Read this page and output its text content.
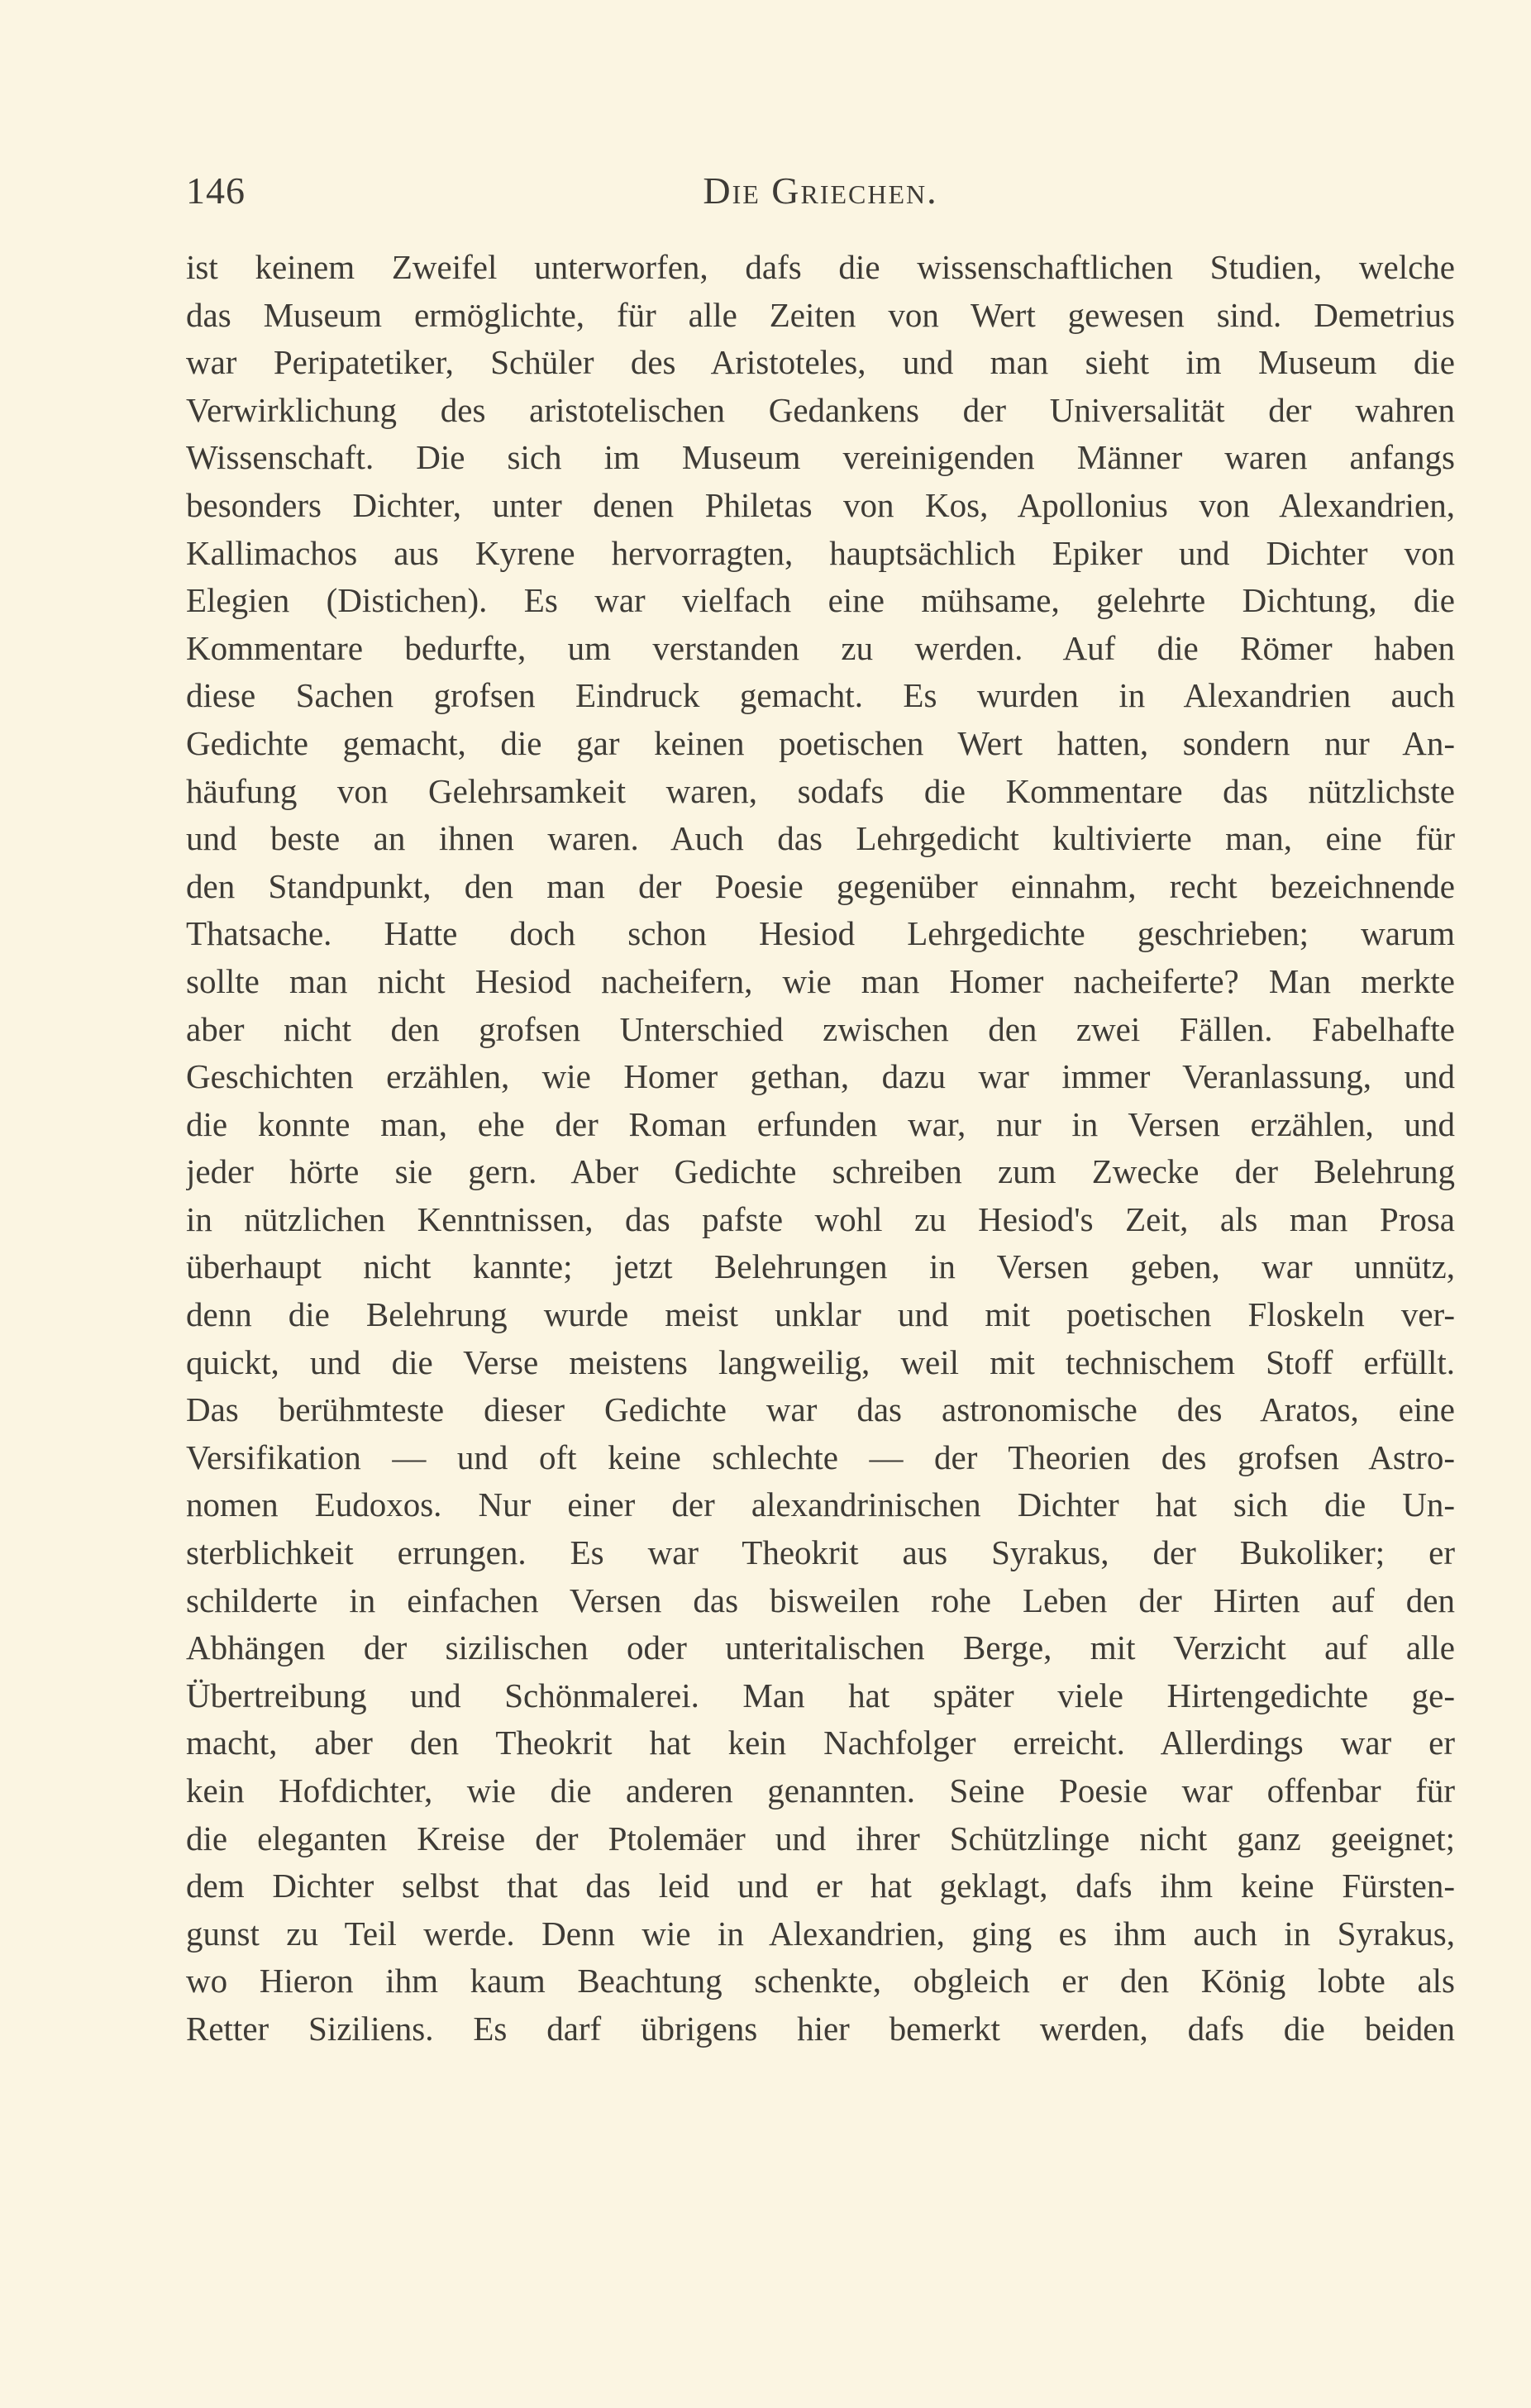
146	Die Griechen.
ist keinem Zweifel unterworfen, dafs die wissenschaftlichen Studien, welche
das Museum ermöglichte, für alle Zeiten von Wert gewesen sind. Demetrius
war Peripatetiker, Schüler des Aristoteles, und man sieht im Museum die
Verwirklichung des aristotelischen Gedankens der Universalität der wahren
Wissenschaft. Die sich im Museum vereinigenden Männer waren anfangs
besonders Dichter, unter denen Philetas von Kos, Apollonius von Alexandrien,
Kallimachos aus Kyrene hervorragten, hauptsächlich Epiker und Dichter von
Elegien (Distichen). Es war vielfach eine mühsame, gelehrte Dichtung, die
Kommentare bedurfte, um verstanden zu werden. Auf die Römer haben
diese Sachen grofsen Eindruck gemacht. Es wurden in Alexandrien auch
Gedichte gemacht, die gar keinen poetischen Wert hatten, sondern nur An-
häufung von Gelehrsamkeit waren, sodafs die Kommentare das nützlichste
und beste an ihnen waren. Auch das Lehrgedicht kultivierte man, eine für
den Standpunkt, den man der Poesie gegenüber einnahm, recht bezeichnende
Thatsache. Hatte doch schon Hesiod Lehrgedichte geschrieben; warum
sollte man nicht Hesiod nacheifern, wie man Homer nacheiferte? Man merkte
aber nicht den grofsen Unterschied zwischen den zwei Fällen. Fabelhafte
Geschichten erzählen, wie Homer gethan, dazu war immer Veranlassung, und
die konnte man, ehe der Roman erfunden war, nur in Versen erzählen, und
jeder hörte sie gern. Aber Gedichte schreiben zum Zwecke der Belehrung
in nützlichen Kenntnissen, das pafste wohl zu Hesiod's Zeit, als man Prosa
überhaupt nicht kannte; jetzt Belehrungen in Versen geben, war unnütz,
denn die Belehrung wurde meist unklar und mit poetischen Floskeln ver-
quickt, und die Verse meistens langweilig, weil mit technischem Stoff erfüllt.
Das berühmteste dieser Gedichte war das astronomische des Aratos, eine
Versifikation — und oft keine schlechte — der Theorien des grofsen Astro-
nomen Eudoxos. Nur einer der alexandrinischen Dichter hat sich die Un-
sterblichkeit errungen. Es war Theokrit aus Syrakus, der Bukoliker; er
schilderte in einfachen Versen das bisweilen rohe Leben der Hirten auf den
Abhängen der sizilischen oder unteritalischen Berge, mit Verzicht auf alle
Übertreibung und Schönmalerei. Man hat später viele Hirtengedichte ge-
macht, aber den Theokrit hat kein Nachfolger erreicht. Allerdings war er
kein Hofdichter, wie die anderen genannten. Seine Poesie war offenbar für
die eleganten Kreise der Ptolemäer und ihrer Schützlinge nicht ganz geeignet;
dem Dichter selbst that das leid und er hat geklagt, dafs ihm keine Fürsten-
gunst zu Teil werde. Denn wie in Alexandrien, ging es ihm auch in Syrakus,
wo Hieron ihm kaum Beachtung schenkte, obgleich er den König lobte als
Retter Siziliens. Es darf übrigens hier bemerkt werden, dafs die beiden
